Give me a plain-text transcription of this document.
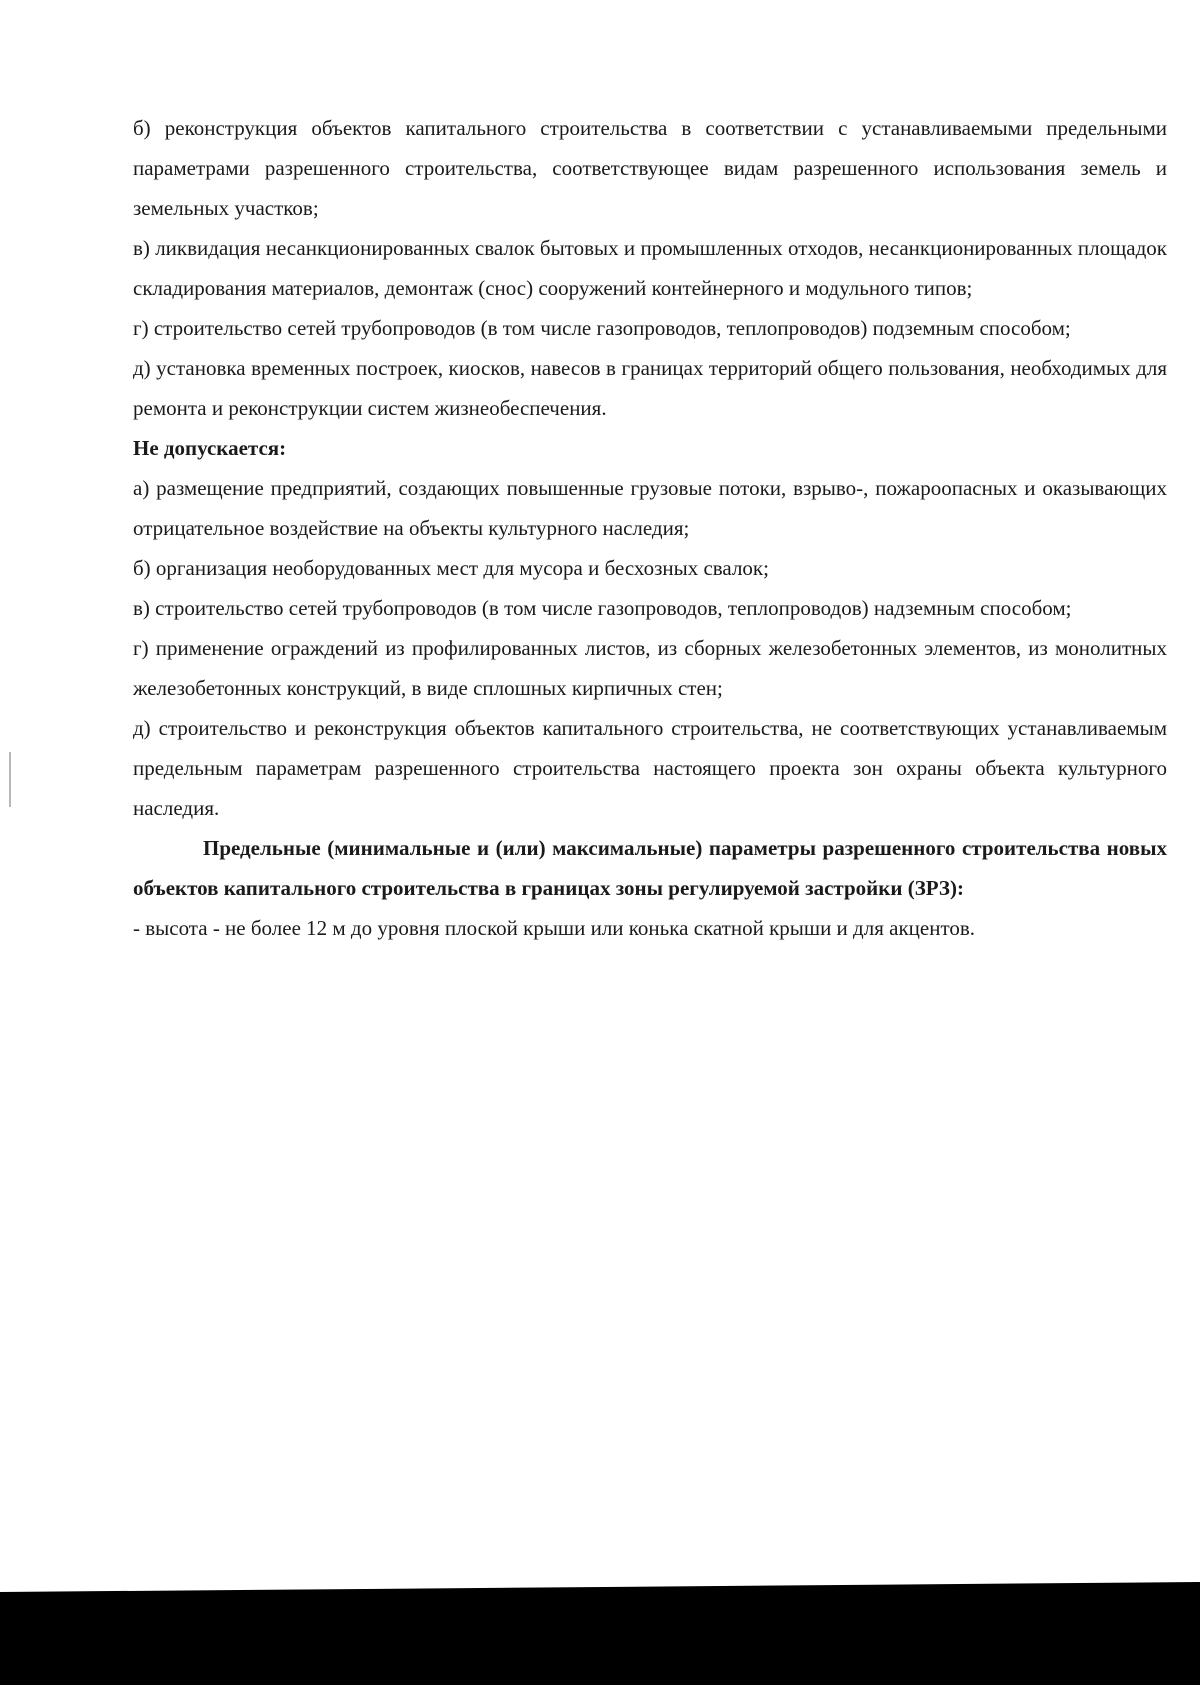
б) реконструкция объектов капитального строительства в соответствии с устанавливаемыми предельными параметрами разрешенного строительства, соответствующее видам разрешенного использования земель и земельных участков;

в) ликвидация несанкционированных свалок бытовых и промышленных отходов, несанкционированных площадок складирования материалов, демонтаж (снос) сооружений контейнерного и модульного типов;

г) строительство сетей трубопроводов (в том числе газопроводов, теплопроводов) подземным способом;

д) установка временных построек, киосков, навесов в границах территорий общего пользования, необходимых для ремонта и реконструкции систем жизнеобеспечения.

Не допускается:

а) размещение предприятий, создающих повышенные грузовые потоки, взрыво-, пожароопасных и оказывающих отрицательное воздействие на объекты культурного наследия;

б) организация необорудованных мест для мусора и бесхозных свалок;

в) строительство сетей трубопроводов (в том числе газопроводов, теплопроводов) надземным способом;

г) применение ограждений из профилированных листов, из сборных железобетонных элементов, из монолитных железобетонных конструкций, в виде сплошных кирпичных стен;

д) строительство и реконструкция объектов капитального строительства, не соответствующих устанавливаемым предельным параметрам разрешенного строительства настоящего проекта зон охраны объекта культурного наследия.

Предельные (минимальные и (или) максимальные) параметры разрешенного строительства новых объектов капитального строительства в границах зоны регулируемой застройки (ЗРЗ):

- высота - не более 12 м до уровня плоской крыши или конька скатной крыши и для акцентов.
